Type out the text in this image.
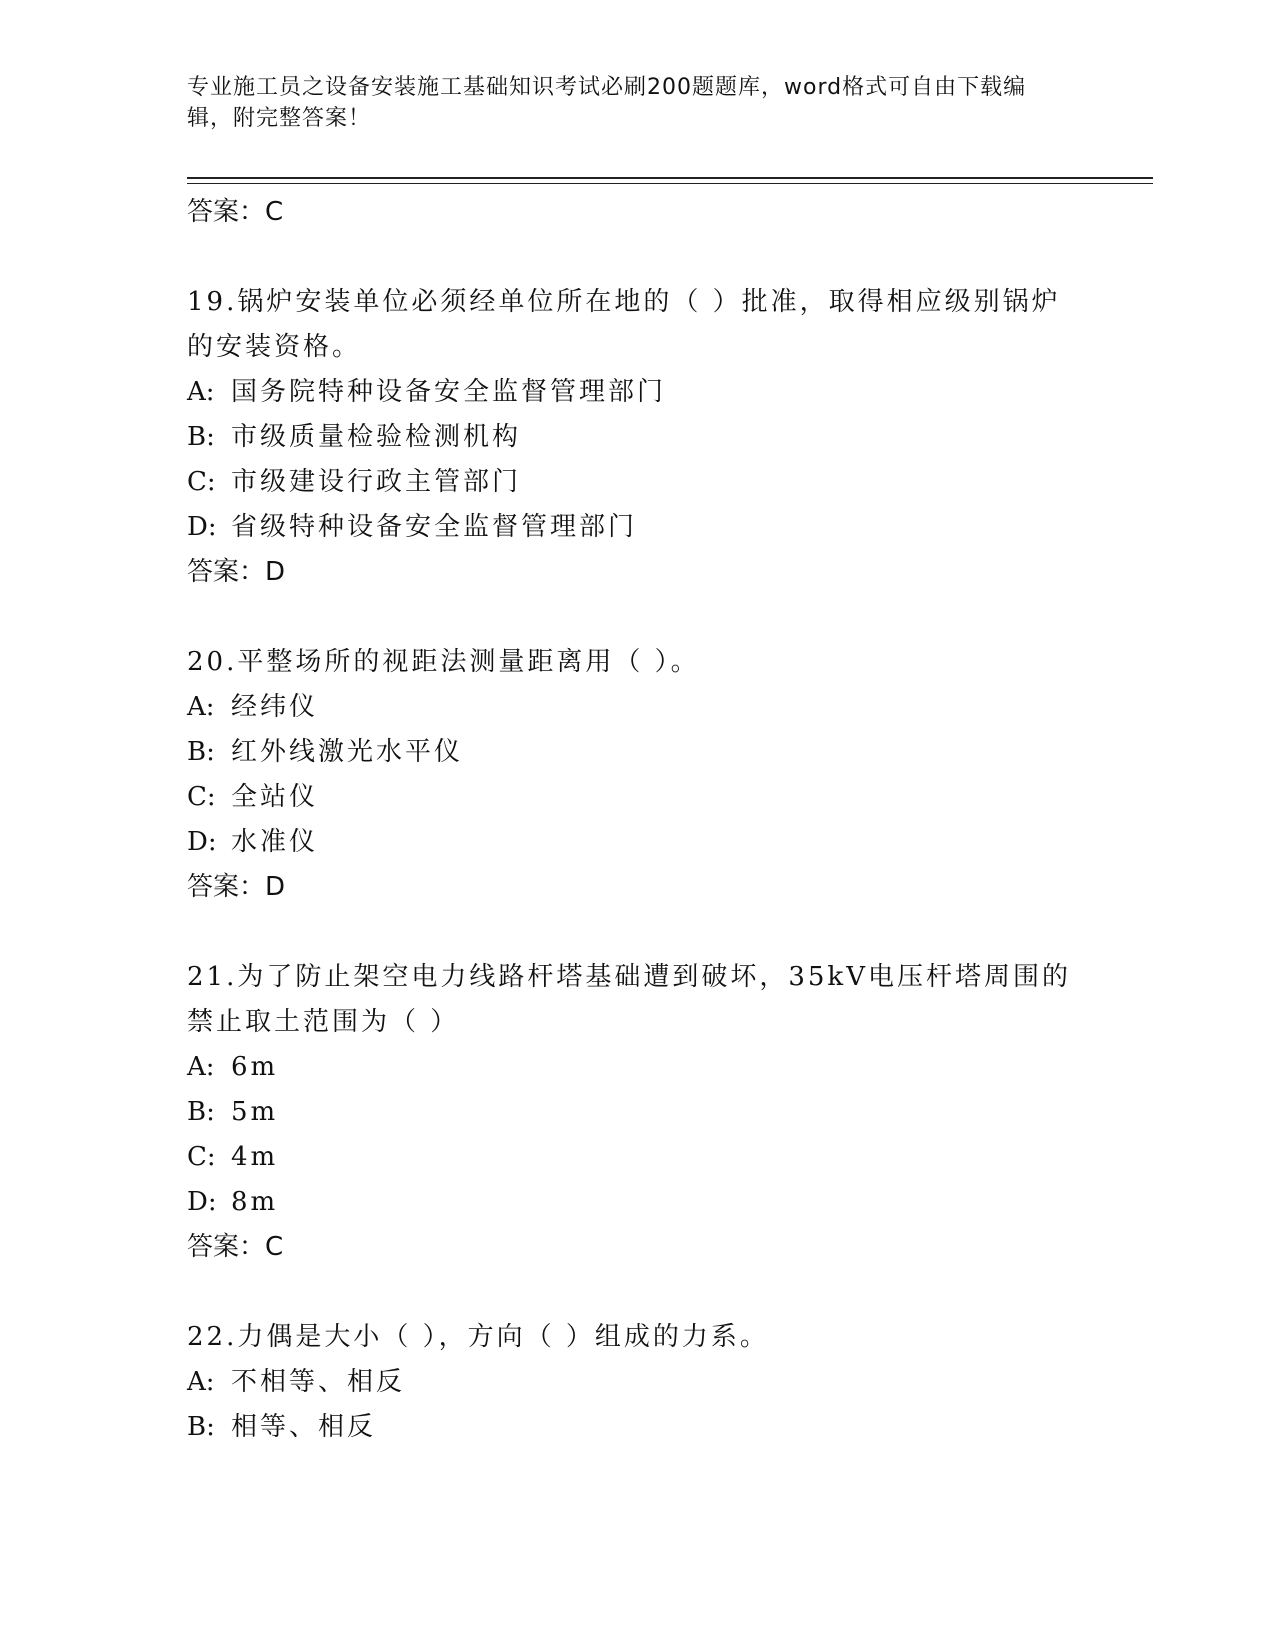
专业施工员之设备安装施工基础知识考试必刷200题题库，word格式可自由下载编辑，附完整答案！
答案：C
19.锅炉安装单位必须经单位所在地的（ ）批准，取得相应级别锅炉的安装资格。
A: 国务院特种设备安全监督管理部门
B: 市级质量检验检测机构
C: 市级建设行政主管部门
D: 省级特种设备安全监督管理部门
答案：D
20.平整场所的视距法测量距离用（ ）。
A: 经纬仪
B: 红外线激光水平仪
C: 全站仪
D: 水准仪
答案：D
21.为了防止架空电力线路杆塔基础遭到破坏，35kV电压杆塔周围的禁止取土范围为（ ）
A: 6m
B: 5m
C: 4m
D: 8m
答案：C
22.力偶是大小（ ），方向（ ）组成的力系。
A: 不相等、相反
B: 相等、相反
